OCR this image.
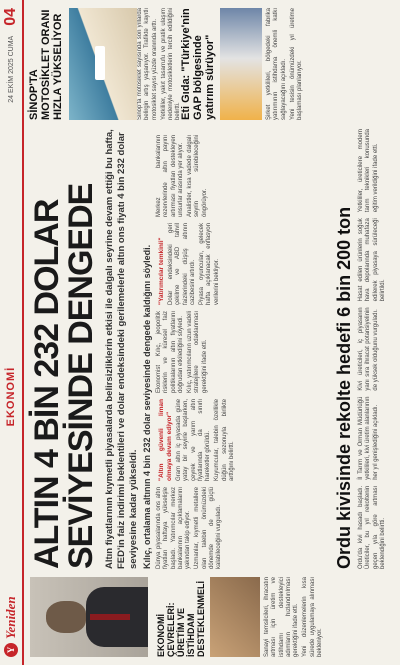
Y
Yeniden
EKONOMİ
24 EKİM 2025 CUMA
04
ALTIN 4 BİN 232 DOLAR SEVİYESİNDE DENGEDE Altın fiyatlarının kıymetli piyasalarda belirsizliklerin etkisi ile dalgalı seyrine devam ettiği bu hafta, FED'in faiz indirimi beklentileri ve dolar endeksindeki gerilemelerle altın ons fiyatı 4 bin 232 dolar seviyesine kadar yükseldi. Kılıç, ortalama altının 4 bin 232 dolar seviyesinde dengede kaldığını söyledi.
SİNOP'TA MOTOSİKLET ORANI HIZLA YÜKSELİYOR	Sinop'ta motosiklet sayısında son yıllarda belirgin artış yaşanıyor. Trafikte kayıtlı motosiklet sayısı yüzde oranında arttı. Yetkililer, yakıt tasarrufu ve pratik ulaşım nedeniyle motosikletlerin tercih edildiğini belirtti.

EKONOMİ ÇEVRELERİ: ÜRETİM VE İSTİHDAM DESTEKLENMELİ	Sanayi temsilcileri, ihracatın artması için üretim ve istihdamı destekleyici adımların hızlandırılması gerektiğini ifade etti. Yeni düzenlemelerin kısa sürede uygulamaya alınması bekleniyor.

Dünya piyasalarında ons altın fiyatları haftaya yükselişle başladı. Yatırımcılar merkez bankalarının açıklamalarını yakından takip ediyor. Uzmanlar, kıymetli metallere olan talebin önümüzdeki dönemde de güçlü kalabileceğini vurguladı.

"Altın güvenli liman olmaya devam ediyor" Gram altın iç piyasada güne yatay bir seyirle başlarken, çeyrek ve yarım altın fiyatlarında da sınırlı hareketler görüldü. Kuyumcular, talebin özellikle düğün sezonuyla birlikte arttığını belirtti.

Ekonomist Kılıç, jeopolitik risklerin ve küresel faiz politikalarının altın fiyatlarını doğrudan etkilediğini söyledi. Kılıç, yatırımcıların uzun vadeli stratejilere odaklanması gerektiğini ifade etti.

"Yatırımcılar temkinli" Dolar endeksindeki geri çekilme ve ABD tahvil faizlerindeki düşüş altının cazibesini artırdı. Piyasa oyuncuları, gelecek hafta açıklanacak enflasyon verilerini bekliyor.

Merkez bankalarının rezervlerinde altın payını artırması fiyatları destekleyen unsurlar arasında yer alıyor. Analistler, kısa vadede dalgalı seyrin sürebileceğini öngörüyor.

Ordu kivisinde rekolte hedefi 6 bin 200 ton Ordu'da kivi hasadı başladı. Üreticiler, bu yıl rekoltenin geçen yıla göre artması beklendiğini belirtti.
İl Tarım ve Orman Müdürlüğü yetkilileri, kivi üretim alanlarının her yıl genişlediğini açıkladı.
Kivi üreticileri, iç piyasanın yanı sıra ihracat potansiyelinin de yüksek olduğunu vurguladı.
Hasat edilen ürünlerin soğuk hava depolarında muhafaza edilerek piyasaya sürüleceği belirtildi.
Yetkililer, üreticilere modern tarım teknikleri konusunda eğitim verildiğini ifade etti.
Eti Gıda: "Türkiye'nin GAP bölgesinde yatırım sürüyor"	Şirket yetkilileri, bölgedeki fabrika yatırımının istihdama önemli katkı sağlayacağını açıkladı. Yeni tesisin önümüzdeki yıl üretime başlaması planlanıyor.
